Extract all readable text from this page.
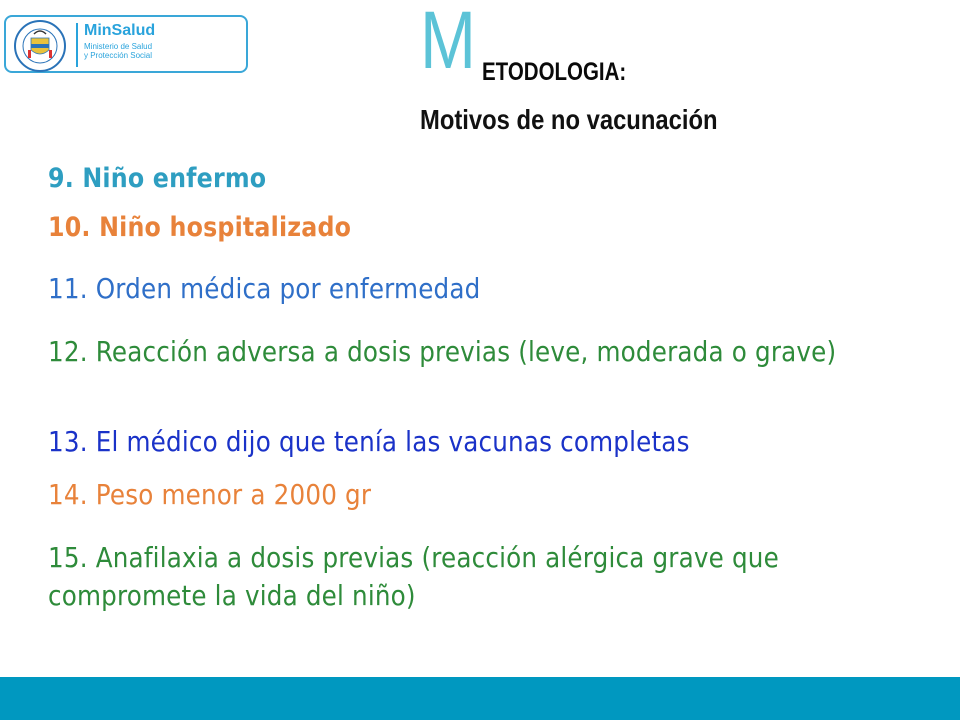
MinSalud
Ministerio de Salud
y Protección Social	M ETODOLOGIA:
Motivos de no vacunación
9. Niño enfermo
10. Niño hospitalizado
11. Orden médica por enfermedad
12. Reacción adversa a dosis previas (leve, moderada o grave)
13. El médico dijo que tenía las vacunas completas
14. Peso menor a 2000 gr
15. Anafilaxia a dosis previas (reacción alérgica grave que compromete la vida del niño)
